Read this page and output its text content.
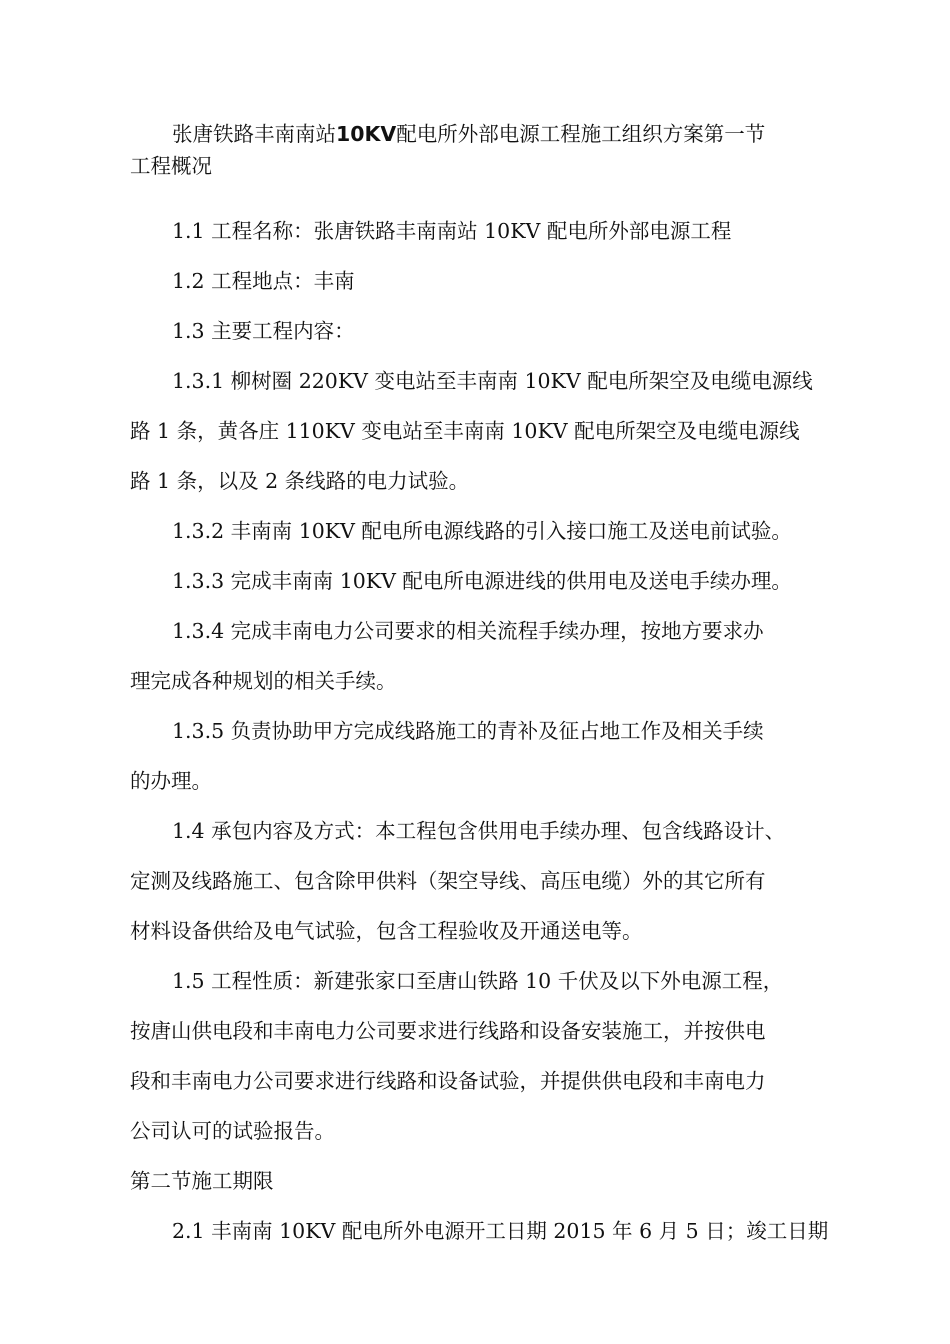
张唐铁路丰南南站10KV配电所外部电源工程施工组织方案第一节
工程概况

1.1 工程名称：张唐铁路丰南南站 10KV 配电所外部电源工程

1.2 工程地点：丰南

1.3 主要工程内容：

1.3.1 柳树圈 220KV 变电站至丰南南 10KV 配电所架空及电缆电源线
路 1 条，黄各庄 110KV 变电站至丰南南 10KV 配电所架空及电缆电源线
路 1 条，以及 2 条线路的电力试验。

1.3.2 丰南南 10KV 配电所电源线路的引入接口施工及送电前试验。

1.3.3 完成丰南南 10KV 配电所电源进线的供用电及送电手续办理。

1.3.4 完成丰南电力公司要求的相关流程手续办理，按地方要求办
理完成各种规划的相关手续。

1.3.5 负责协助甲方完成线路施工的青补及征占地工作及相关手续
的办理。

1.4 承包内容及方式：本工程包含供用电手续办理、包含线路设计、
定测及线路施工、包含除甲供料（架空导线、高压电缆）外的其它所有
材料设备供给及电气试验，包含工程验收及开通送电等。

1.5 工程性质：新建张家口至唐山铁路 10 千伏及以下外电源工程，
按唐山供电段和丰南电力公司要求进行线路和设备安装施工，并按供电
段和丰南电力公司要求进行线路和设备试验，并提供供电段和丰南电力
公司认可的试验报告。

第二节施工期限

2.1 丰南南 10KV 配电所外电源开工日期 2015 年 6 月 5 日；竣工日期
